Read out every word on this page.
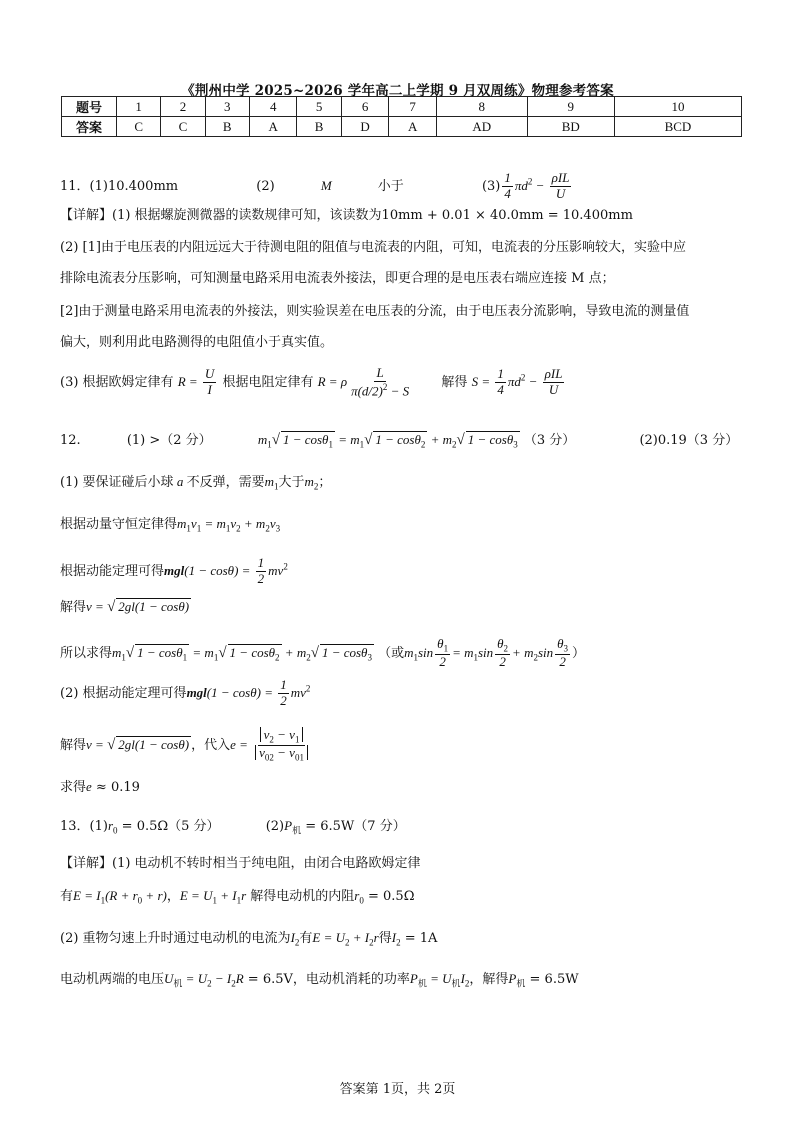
《荆州中学 2025~2026 学年高二上学期 9 月双周练》物理参考答案
题号	1	2	3	4	5	6	7	8	9	10
答案	C	C	B	A	B	D	A	AD	BD	BCD
11．(1)10.400mm	(2)	M	小于	$(3) \frac{1}{4} \pi d^2 - \frac{\text{ρIL}}{U}$
【详解】(1) 根据螺旋测微器的读数规律可知，该读数为10mm + 0.01 × 40.0mm = 10.400mm
(2) [1]由于电压表的内阻远远大于待测电阻的阻值与电流表的内阻，可知，电流表的分压影响较大，实验中应
排除电流表分压影响，可知测量电路采用电流表外接法，即更合理的是电压表右端应连接 M 点；
[2]由于测量电路采用电流表的外接法，则实验误差在电压表的分流，由于电压表分流影响，导致电流的测量值
偏大，则利用此电路测得的电阻值小于真实值。
(3) 根据欧姆定律有 $R = \frac{U}{I}$ 根据电阻定律有 R = ρ $\frac{L}{\pi(d/2)^2 - S}$ 解得 $S = \frac{1}{4} \pi d^2 - \frac{\text{ρIL}}{U}$
12.	(1) >（2 分）	$m_1√$ $1 - \cos\theta_1 = m_1√$ $1 - \cos\theta_2 + m_2√$ 1 − cosθ$_3$ （3 分）	(2)0.19（3 分）
(1) 要保证碰后小球 a 不反弹，需要$m_1$大于$m_2$；
根据动量守恒定律得$m_1v_1 = m_1v_2 + m_2v_3$
根据动能定理可得$mgl(1 - \cos\theta) = \frac{1}{2} mv^2$
解得v = √ 2gl(1 − cosθ)
所以求得$m_1√$ $1 - \cos\theta_1 = m_1√$ $1 - \cos\theta_2 + m_2√$ 1 − cosθ$_3$ （或$m_1\sin \frac{\theta_1}{2} = m_1\sin \frac{\theta_2}{2} + m_2\sin \frac{\theta_3}{2}$ ）
(2) 根据动能定理可得$mgl(1 - \cos\theta) = \frac{1}{2} mv^2$
解得v = √ 2gl(1 − cosθ) ，代入$e = \frac{v_2 - v_1}{v_{02} - v_{01}}$
求得e ≈ 0.19
13．$(1)r_0 = 0.5\Omega(5$ 分）	$(2)P_机 = 6.5W(7$ 分）
【详解】(1) 电动机不转时相当于纯电阻，由闭合电路欧姆定律
有$E = I_1(R + r_0 + r)$，$E = U_1 + I_1r$ 解得电动机的内阻$r_0 = 0.5\Omega$
(2) 重物匀速上升时通过电动机的电流为$I_2$有$E = U_2 + I_2r$得$I_2 = 1A$
电动机两端的电压$U_机 = U_2 - I_2R = 6.5V$，电动机消耗的功率$P_机 = U_机I_2$，解得$P_机 = 6.5W$
答案第 1页，共 2页
